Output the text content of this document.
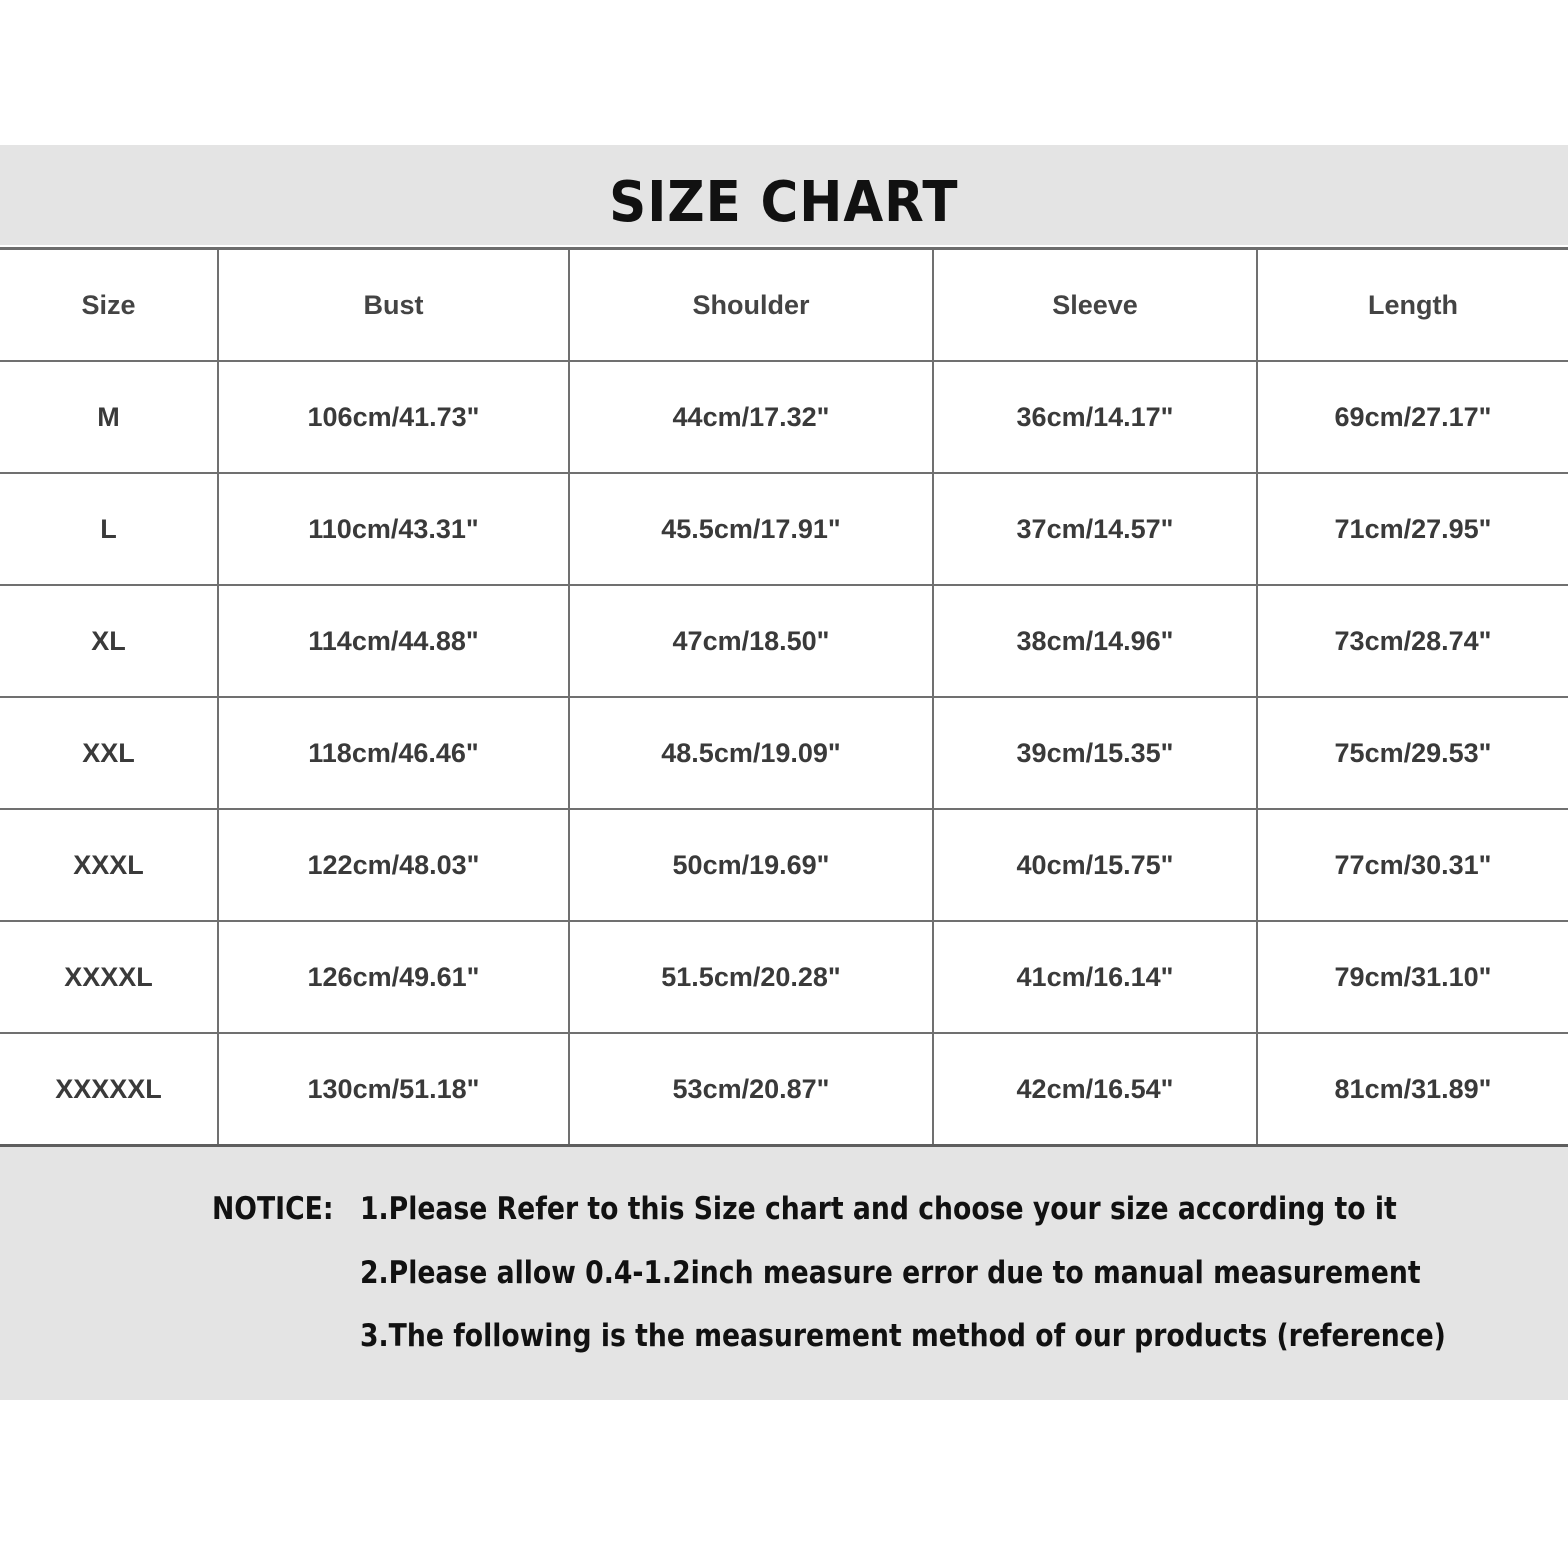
SIZE CHART
Size	Bust	Shoulder	Sleeve	Length
M	106cm/41.73"	44cm/17.32"	36cm/14.17"	69cm/27.17"
L	110cm/43.31"	45.5cm/17.91"	37cm/14.57"	71cm/27.95"
XL	114cm/44.88"	47cm/18.50"	38cm/14.96"	73cm/28.74"
XXL	118cm/46.46"	48.5cm/19.09"	39cm/15.35"	75cm/29.53"
XXXL	122cm/48.03"	50cm/19.69"	40cm/15.75"	77cm/30.31"
XXXXL	126cm/49.61"	51.5cm/20.28"	41cm/16.14"	79cm/31.10"
XXXXXL	130cm/51.18"	53cm/20.87"	42cm/16.54"	81cm/31.89"
NOTICE: 1.Please Refer to this Size chart and choose your size according to it
2.Please allow 0.4-1.2inch measure error due to manual measurement
3.The following is the measurement method of our products (reference)
